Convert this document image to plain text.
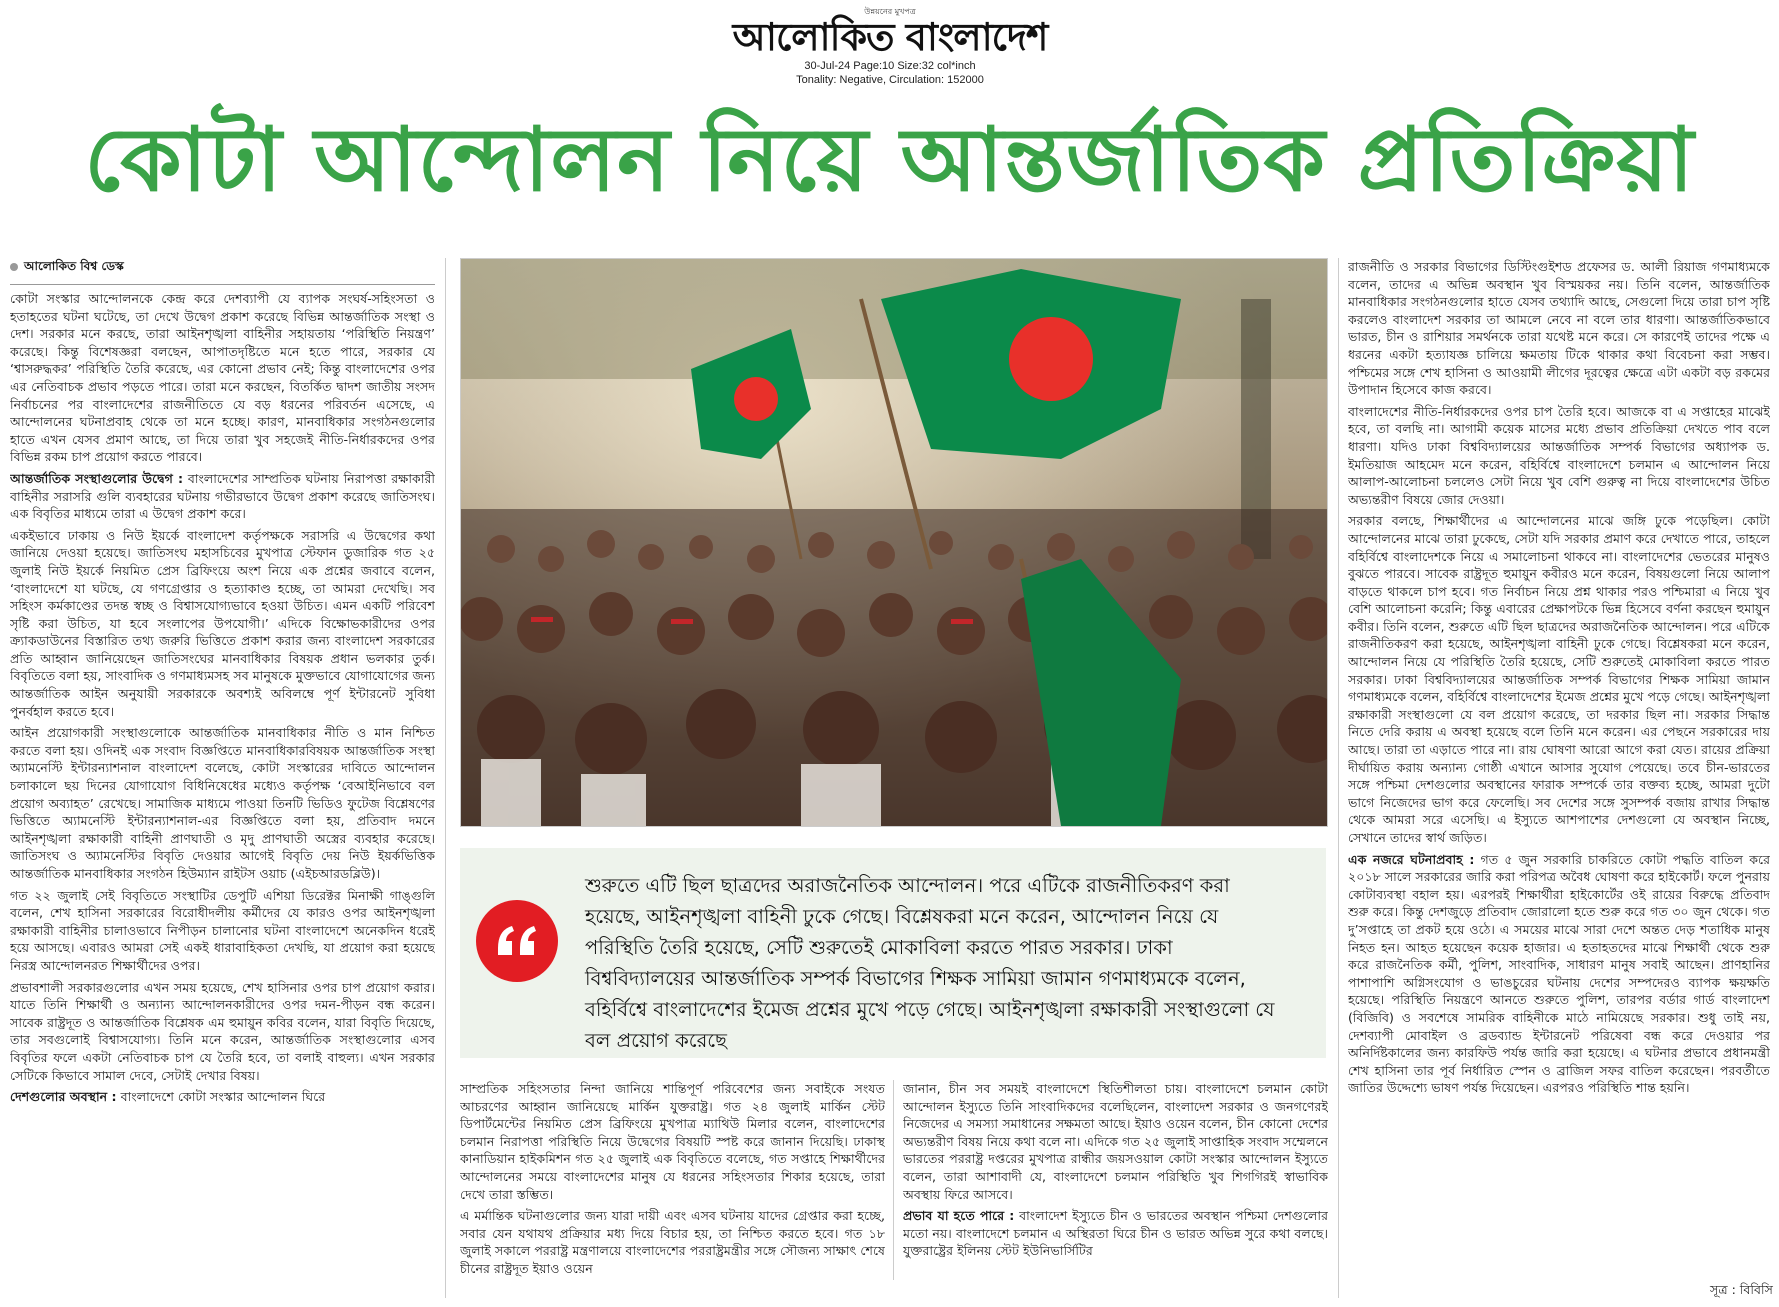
উন্নয়নের মুখপত্র
আলোকিত বাংলাদেশ
30-Jul-24 Page:10 Size:32 col*inch
Tonality: Negative, Circulation: 152000
কোটা আন্দোলন নিয়ে আন্তর্জাতিক প্রতিক্রিয়া
আলোকিত বিশ্ব ডেস্ক

কোটা সংস্কার আন্দোলনকে কেন্দ্র করে দেশব্যাপী যে ব্যাপক সংঘর্ষ-সহিংসতা ও হতাহতের ঘটনা ঘটেছে, তা দেখে উদ্বেগ প্রকাশ করেছে বিভিন্ন আন্তর্জাতিক সংস্থা ও দেশ। সরকার মনে করছে, তারা আইনশৃঙ্খলা বাহিনীর সহায়তায় ‘পরিস্থিতি নিয়ন্ত্রণ’ করেছে। কিন্তু বিশেষজ্ঞরা বলছেন, আপাতদৃষ্টিতে মনে হতে পারে, সরকার যে ‘শ্বাসরুদ্ধকর’ পরিস্থিতি তৈরি করেছে, এর কোনো প্রভাব নেই; কিন্তু বাংলাদেশের ওপর এর নেতিবাচক প্রভাব পড়তে পারে। তারা মনে করছেন, বিতর্কিত দ্বাদশ জাতীয় সংসদ নির্বাচনের পর বাংলাদেশের রাজনীতিতে যে বড় ধরনের পরিবর্তন এসেছে, এ আন্দোলনের ঘটনাপ্রবাহ থেকে তা মনে হচ্ছে। কারণ, মানবাধিকার সংগঠনগুলোর হাতে এখন যেসব প্রমাণ আছে, তা দিয়ে তারা খুব সহজেই নীতি-নির্ধারকদের ওপর বিভিন্ন রকম চাপ প্রয়োগ করতে পারবে।

আন্তর্জাতিক সংস্থাগুলোর উদ্বেগ : বাংলাদেশের সাম্প্রতিক ঘটনায় নিরাপত্তা রক্ষাকারী বাহিনীর সরাসরি গুলি ব্যবহারের ঘটনায় গভীরভাবে উদ্বেগ প্রকাশ করেছে জাতিসংঘ। এক বিবৃতির মাধ্যমে তারা এ উদ্বেগ প্রকাশ করে।

একইভাবে ঢাকায় ও নিউ ইয়র্কে বাংলাদেশ কর্তৃপক্ষকে সরাসরি এ উদ্বেগের কথা জানিয়ে দেওয়া হয়েছে। জাতিসংঘ মহাসচিবের মুখপাত্র স্টেফান ডুজারিক গত ২৫ জুলাই নিউ ইয়র্কে নিয়মিত প্রেস ব্রিফিংয়ে অংশ নিয়ে এক প্রশ্নের জবাবে বলেন, ‘বাংলাদেশে যা ঘটছে, যে গণগ্রেপ্তার ও হত্যাকাণ্ড হচ্ছে, তা আমরা দেখেছি। সব সহিংস কর্মকাণ্ডের তদন্ত স্বচ্ছ ও বিশ্বাসযোগ্যভাবে হওয়া উচিত। এমন একটি পরিবেশ সৃষ্টি করা উচিত, যা হবে সংলাপের উপযোগী।’ এদিকে বিক্ষোভকারীদের ওপর ক্র্যাকডাউনের বিস্তারিত তথ্য জরুরি ভিত্তিতে প্রকাশ করার জন্য বাংলাদেশ সরকারের প্রতি আহ্বান জানিয়েছেন জাতিসংঘের মানবাধিকার বিষয়ক প্রধান ভলকার তুর্ক। বিবৃতিতে বলা হয়, সাংবাদিক ও গণমাধ্যমসহ সব মানুষকে মুক্তভাবে যোগাযোগের জন্য আন্তর্জাতিক আইন অনুযায়ী সরকারকে অবশ্যই অবিলম্বে পূর্ণ ইন্টারনেট সুবিধা পুনর্বহাল করতে হবে।

আইন প্রয়োগকারী সংস্থাগুলোকে আন্তর্জাতিক মানবাধিকার নীতি ও মান নিশ্চিত করতে বলা হয়। ওদিনই এক সংবাদ বিজ্ঞপ্তিতে মানবাধিকারবিষয়ক আন্তর্জাতিক সংস্থা অ্যামনেস্টি ইন্টারন্যাশনাল বাংলাদেশ বলেছে, কোটা সংস্কারের দাবিতে আন্দোলন চলাকালে ছয় দিনের যোগাযোগ বিধিনিষেধের মধ্যেও কর্তৃপক্ষ ‘বেআইনিভাবে বল প্রয়োগ অব্যাহত’ রেখেছে। সামাজিক মাধ্যমে পাওয়া তিনটি ভিডিও ফুটেজ বিশ্লেষণের ভিত্তিতে অ্যামনেস্টি ইন্টারন্যাশনাল-এর বিজ্ঞপ্তিতে বলা হয়, প্রতিবাদ দমনে আইনশৃঙ্খলা রক্ষাকারী বাহিনী প্রাণঘাতী ও মৃদু প্রাণঘাতী অস্ত্রের ব্যবহার করেছে। জাতিসংঘ ও অ্যামনেস্টির বিবৃতি দেওয়ার আগেই বিবৃতি দেয় নিউ ইয়র্কভিত্তিক আন্তর্জাতিক মানবাধিকার সংগঠন হিউম্যান রাইটস ওয়াচ (এইচআরডব্লিউ)।

গত ২২ জুলাই সেই বিবৃতিতে সংস্থাটির ডেপুটি এশিয়া ডিরেক্টর মিনাক্ষী গাঙ্গুলি বলেন, শেখ হাসিনা সরকারের বিরোধীদলীয় কর্মীদের যে কারও ওপর আইনশৃঙ্খলা রক্ষাকারী বাহিনীর চালাওভাবে নিপীড়ন চালানোর ঘটনা বাংলাদেশে অনেকদিন ধরেই হয়ে আসছে। এবারও আমরা সেই একই ধারাবাহিকতা দেখছি, যা প্রয়োগ করা হয়েছে নিরস্ত্র আন্দোলনরত শিক্ষার্থীদের ওপর।

প্রভাবশালী সরকারগুলোর এখন সময় হয়েছে, শেখ হাসিনার ওপর চাপ প্রয়োগ করার। যাতে তিনি শিক্ষার্থী ও অন্যান্য আন্দোলনকারীদের ওপর দমন-পীড়ন বন্ধ করেন। সাবেক রাষ্ট্রদূত ও আন্তর্জাতিক বিশ্লেষক এম হুমায়ুন কবির বলেন, যারা বিবৃতি দিয়েছে, তার সবগুলোই বিশ্বাসযোগ্য। তিনি মনে করেন, আন্তর্জাতিক সংস্থাগুলোর এসব বিবৃতির ফলে একটা নেতিবাচক চাপ যে তৈরি হবে, তা বলাই বাহুল্য। এখন সরকার সেটিকে কিভাবে সামাল দেবে, সেটাই দেখার বিষয়।

দেশগুলোর অবস্থান : বাংলাদেশে কোটা সংস্কার আন্দোলন ঘিরে

শুরুতে এটি ছিল ছাত্রদের অরাজনৈতিক আন্দোলন। পরে এটিকে রাজনীতিকরণ করা হয়েছে, আইনশৃঙ্খলা বাহিনী ঢুকে গেছে। বিশ্লেষকরা মনে করেন, আন্দোলন নিয়ে যে পরিস্থিতি তৈরি হয়েছে, সেটি শুরুতেই মোকাবিলা করতে পারত সরকার। ঢাকা বিশ্ববিদ্যালয়ের আন্তর্জাতিক সম্পর্ক বিভাগের শিক্ষক সামিয়া জামান গণমাধ্যমকে বলেন, বহির্বিশ্বে বাংলাদেশের ইমেজ প্রশ্নের মুখে পড়ে গেছে। আইনশৃঙ্খলা রক্ষাকারী সংস্থাগুলো যে বল প্রয়োগ করেছে

সাম্প্রতিক সহিংসতার নিন্দা জানিয়ে শান্তিপূর্ণ পরিবেশের জন্য সবাইকে সংযত আচরণের আহ্বান জানিয়েছে মার্কিন যুক্তরাষ্ট্র। গত ২৪ জুলাই মার্কিন স্টেট ডিপার্টমেন্টের নিয়মিত প্রেস ব্রিফিংয়ে মুখপাত্র ম্যাথিউ মিলার বলেন, বাংলাদেশের চলমান নিরাপত্তা পরিস্থিতি নিয়ে উদ্বেগের বিষয়টি স্পষ্ট করে জানান দিয়েছি। ঢাকাস্থ কানাডিয়ান হাইকমিশন গত ২৫ জুলাই এক বিবৃতিতে বলেছে, গত সপ্তাহে শিক্ষার্থীদের আন্দোলনের সময়ে বাংলাদেশের মানুষ যে ধরনের সহিংসতার শিকার হয়েছে, তারা দেখে তারা স্তম্ভিত।

এ মর্মান্তিক ঘটনাগুলোর জন্য যারা দায়ী এবং এসব ঘটনায় যাদের গ্রেপ্তার করা হচ্ছে, সবার যেন যথাযথ প্রক্রিয়ার মধ্য দিয়ে বিচার হয়, তা নিশ্চিত করতে হবে। গত ১৮ জুলাই সকালে পররাষ্ট্র মন্ত্রণালয়ে বাংলাদেশের পররাষ্ট্রমন্ত্রীর সঙ্গে সৌজন্য সাক্ষাৎ শেষে চীনের রাষ্ট্রদূত ইয়াও ওয়েন

জানান, চীন সব সময়ই বাংলাদেশে স্থিতিশীলতা চায়। বাংলাদেশে চলমান কোটা আন্দোলন ইস্যুতে তিনি সাংবাদিকদের বলেছিলেন, বাংলাদেশ সরকার ও জনগণেরই নিজেদের এ সমস্যা সমাধানের সক্ষমতা আছে। ইয়াও ওয়েন বলেন, চীন কোনো দেশের অভ্যন্তরীণ বিষয় নিয়ে কথা বলে না। এদিকে গত ২৫ জুলাই সাপ্তাহিক সংবাদ সম্মেলনে ভারতের পররাষ্ট্র দপ্তরের মুখপাত্র রান্ধীর জয়সওয়াল কোটা সংস্কার আন্দোলন ইস্যুতে বলেন, তারা আশাবাদী যে, বাংলাদেশে চলমান পরিস্থিতি খুব শিগগিরই স্বাভাবিক অবস্থায় ফিরে আসবে।

প্রভাব যা হতে পারে : বাংলাদেশ ইস্যুতে চীন ও ভারতের অবস্থান পশ্চিমা দেশগুলোর মতো নয়। বাংলাদেশে চলমান এ অস্থিরতা ঘিরে চীন ও ভারত অভিন্ন সুরে কথা বলছে। যুক্তরাষ্ট্রের ইলিনয় স্টেট ইউনিভার্সিটির

রাজনীতি ও সরকার বিভাগের ডিস্টিংগুইশড প্রফেসর ড. আলী রিয়াজ গণমাধ্যমকে বলেন, তাদের এ অভিন্ন অবস্থান খুব বিস্ময়কর নয়। তিনি বলেন, আন্তর্জাতিক মানবাধিকার সংগঠনগুলোর হাতে যেসব তথ্যাদি আছে, সেগুলো দিয়ে তারা চাপ সৃষ্টি করলেও বাংলাদেশ সরকার তা আমলে নেবে না বলে তার ধারণা। আন্তর্জাতিকভাবে ভারত, চীন ও রাশিয়ার সমর্থনকে তারা যথেষ্ট মনে করে। সে কারণেই তাদের পক্ষে এ ধরনের একটা হত্যাযজ্ঞ চালিয়ে ক্ষমতায় টিকে থাকার কথা বিবেচনা করা সম্ভব। পশ্চিমের সঙ্গে শেখ হাসিনা ও আওয়ামী লীগের দূরত্বের ক্ষেত্রে এটা একটা বড় রকমের উপাদান হিসেবে কাজ করবে।

বাংলাদেশের নীতি-নির্ধারকদের ওপর চাপ তৈরি হবে। আজকে বা এ সপ্তাহের মাঝেই হবে, তা বলছি না। আগামী কয়েক মাসের মধ্যে প্রভাব প্রতিক্রিয়া দেখতে পাব বলে ধারণা। যদিও ঢাকা বিশ্ববিদ্যালয়ের আন্তর্জাতিক সম্পর্ক বিভাগের অধ্যাপক ড. ইমতিয়াজ আহমেদ মনে করেন, বহির্বিশ্বে বাংলাদেশে চলমান এ আন্দোলন নিয়ে আলাপ-আলোচনা চললেও সেটা নিয়ে খুব বেশি গুরুত্ব না দিয়ে বাংলাদেশের উচিত অভ্যন্তরীণ বিষয়ে জোর দেওয়া।

সরকার বলছে, শিক্ষার্থীদের এ আন্দোলনের মাঝে জঙ্গি ঢুকে পড়েছিল। কোটা আন্দোলনের মাঝে তারা ঢুকেছে, সেটা যদি সরকার প্রমাণ করে দেখাতে পারে, তাহলে বহির্বিশ্বে বাংলাদেশকে নিয়ে এ সমালোচনা থাকবে না। বাংলাদেশের ভেতরের মানুষও বুঝতে পারবে। সাবেক রাষ্ট্রদূত হুমায়ুন কবীরও মনে করেন, বিষয়গুলো নিয়ে আলাপ বাড়তে থাকলে চাপ হবে। গত নির্বাচন নিয়ে প্রশ্ন থাকার পরও পশ্চিমারা এ নিয়ে খুব বেশি আলোচনা করেনি; কিন্তু এবারের প্রেক্ষাপটকে ভিন্ন হিসেবে বর্ণনা করছেন হুমায়ুন কবীর। তিনি বলেন, শুরুতে এটি ছিল ছাত্রদের অরাজনৈতিক আন্দোলন। পরে এটিকে রাজনীতিকরণ করা হয়েছে, আইনশৃঙ্খলা বাহিনী ঢুকে গেছে। বিশ্লেষকরা মনে করেন, আন্দোলন নিয়ে যে পরিস্থিতি তৈরি হয়েছে, সেটি শুরুতেই মোকাবিলা করতে পারত সরকার। ঢাকা বিশ্ববিদ্যালয়ের আন্তর্জাতিক সম্পর্ক বিভাগের শিক্ষক সামিয়া জামান গণমাধ্যমকে বলেন, বহির্বিশ্বে বাংলাদেশের ইমেজ প্রশ্নের মুখে পড়ে গেছে। আইনশৃঙ্খলা রক্ষাকারী সংস্থাগুলো যে বল প্রয়োগ করেছে, তা দরকার ছিল না। সরকার সিদ্ধান্ত নিতে দেরি করায় এ অবস্থা হয়েছে বলে তিনি মনে করেন। এর পেছনে সরকারের দায় আছে। তারা তা এড়াতে পারে না। রায় ঘোষণা আরো আগে করা যেত। রায়ের প্রক্রিয়া দীর্ঘায়িত করায় অন্যান্য গোষ্ঠী এখানে আসার সুযোগ পেয়েছে। তবে চীন-ভারতের সঙ্গে পশ্চিমা দেশগুলোর অবস্থানের ফারাক সম্পর্কে তার বক্তব্য হচ্ছে, আমরা দুটো ভাগে নিজেদের ভাগ করে ফেলেছি। সব দেশের সঙ্গে সুসম্পর্ক বজায় রাখার সিদ্ধান্ত থেকে আমরা সরে এসেছি। এ ইস্যুতে আশপাশের দেশগুলো যে অবস্থান নিচ্ছে, সেখানে তাদের স্বার্থ জড়িত।

এক নজরে ঘটনাপ্রবাহ : গত ৫ জুন সরকারি চাকরিতে কোটা পদ্ধতি বাতিল করে ২০১৮ সালে সরকারের জারি করা পরিপত্র অবৈধ ঘোষণা করে হাইকোর্ট। ফলে পুনরায় কোটাব্যবস্থা বহাল হয়। এরপরই শিক্ষার্থীরা হাইকোর্টের ওই রায়ের বিরুদ্ধে প্রতিবাদ শুরু করে। কিন্তু দেশজুড়ে প্রতিবাদ জোরালো হতে শুরু করে গত ৩০ জুন থেকে। গত দু’সপ্তাহে তা প্রকট হয়ে ওঠে। এ সময়ের মাঝে সারা দেশে অন্তত দেড় শতাধিক মানুষ নিহত হন। আহত হয়েছেন কয়েক হাজার। এ হতাহতদের মাঝে শিক্ষার্থী থেকে শুরু করে রাজনৈতিক কর্মী, পুলিশ, সাংবাদিক, সাধারণ মানুষ সবাই আছেন। প্রাণহানির পাশাপাশি অগ্নিসংযোগ ও ভাঙচুরের ঘটনায় দেশের সম্পদেরও ব্যাপক ক্ষয়ক্ষতি হয়েছে। পরিস্থিতি নিয়ন্ত্রণে আনতে শুরুতে পুলিশ, তারপর বর্ডার গার্ড বাংলাদেশ (বিজিবি) ও সবশেষে সামরিক বাহিনীকে মাঠে নামিয়েছে সরকার। শুধু তাই নয়, দেশব্যাপী মোবাইল ও ব্রডব্যান্ড ইন্টারনেট পরিষেবা বন্ধ করে দেওয়ার পর অনির্দিষ্টকালের জন্য কারফিউ পর্যন্ত জারি করা হয়েছে। এ ঘটনার প্রভাবে প্রধানমন্ত্রী শেখ হাসিনা তার পূর্ব নির্ধারিত স্পেন ও ব্রাজিল সফর বাতিল করেছেন। পরবর্তীতে জাতির উদ্দেশ্যে ভাষণ পর্যন্ত দিয়েছেন। এরপরও পরিস্থিতি শান্ত হয়নি।

সূত্র : বিবিসি
